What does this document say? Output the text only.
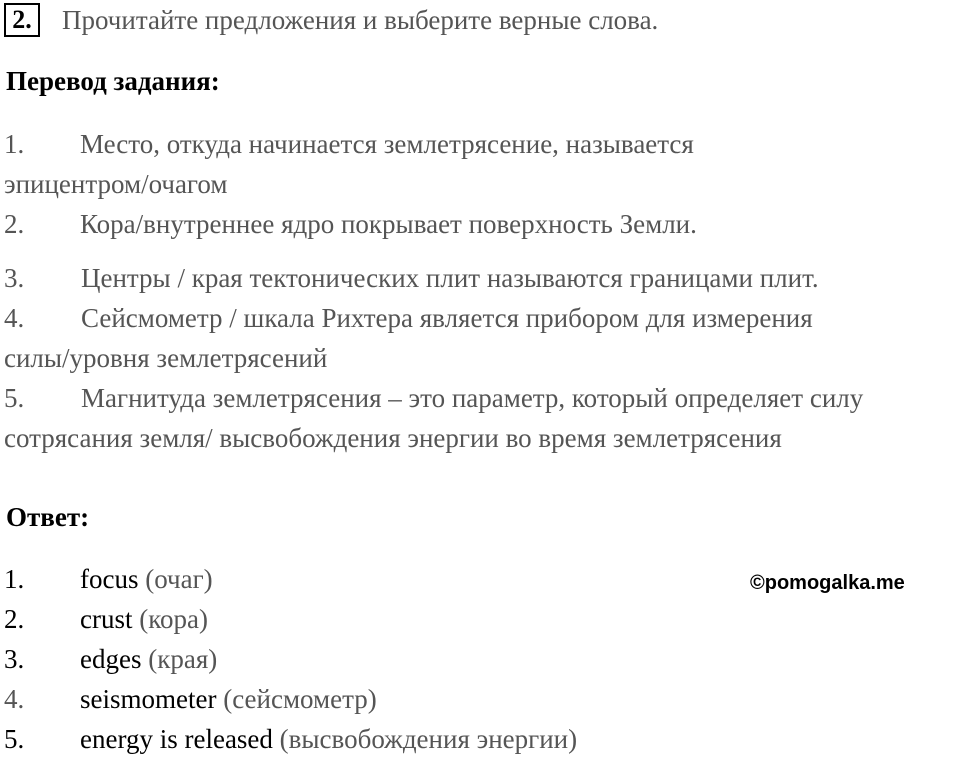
2.	Прочитайте предложения и выберите верные слова.
Перевод задания:
1. Место, откуда начинается землетрясение, называется
эпицентром/очагом
2. Кора/внутреннее ядро покрывает поверхность Земли.
3. Центры / края тектонических плит называются границами плит.
4. Сейсмометр / шкала Рихтера является прибором для измерения
силы/уровня землетрясений
5. Магнитуда землетрясения – это параметр, который определяет силу
сотрясания земля/ высвобождения энергии во время землетрясения
Ответ:
©pomogalka.me
1. focus (очаг)
2. crust (кора)
3. edges (края)
4. seismometer (сейсмометр)
5. energy is released (высвобождения энергии)
